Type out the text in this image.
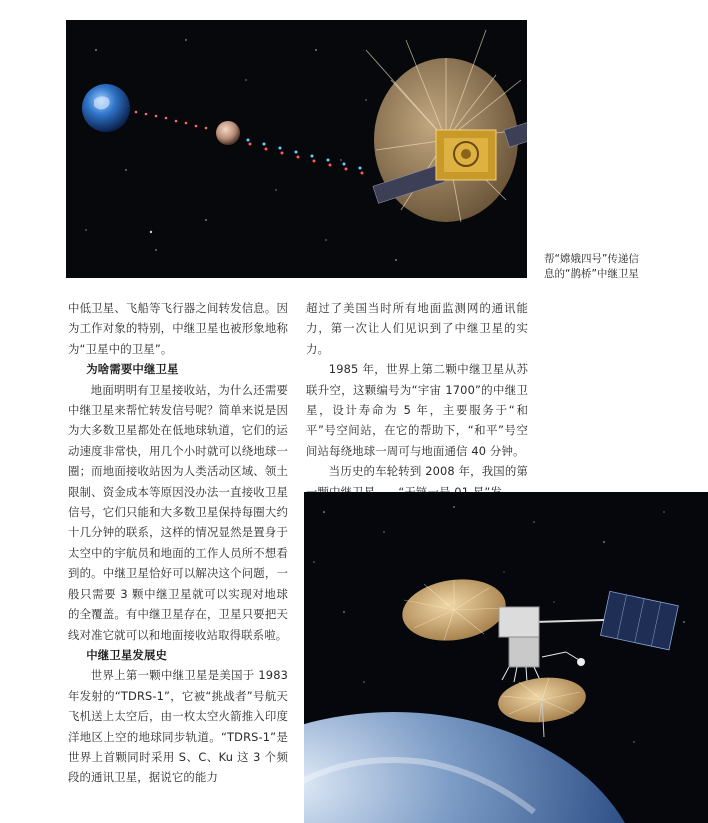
帮“嫦娥四号”传递信
息的“鹊桥”中继卫星

中低卫星、飞船等飞行器之间转发信息。因为工作对象的特别，中继卫星也被形象地称为“卫星中的卫星”。

为啥需要中继卫星

地面明明有卫星接收站，为什么还需要中继卫星来帮忙转发信号呢？简单来说是因为大多数卫星都处在低地球轨道，它们的运动速度非常快，用几个小时就可以绕地球一圈；而地面接收站因为人类活动区域、领土限制、资金成本等原因没办法一直接收卫星信号，它们只能和大多数卫星保持每圈大约十几分钟的联系，这样的情况显然是置身于太空中的宇航员和地面的工作人员所不想看到的。中继卫星恰好可以解决这个问题，一般只需要 3 颗中继卫星就可以实现对地球的全覆盖。有中继卫星存在，卫星只要把天线对准它就可以和地面接收站取得联系啦。

中继卫星发展史

世界上第一颗中继卫星是美国于 1983 年发射的“TDRS-1”，它被“挑战者”号航天飞机送上太空后，由一枚太空火箭推入印度洋地区上空的地球同步轨道。“TDRS-1”是世界上首颗同时采用 S、C、Ku 这 3 个频段的通讯卫星，据说它的能力

超过了美国当时所有地面监测网的通讯能力，第一次让人们见识到了中继卫星的实力。

1985 年，世界上第二颗中继卫星从苏联升空，这颗编号为“宇宙 1700”的中继卫星，设计寿命为 5 年，主要服务于“和平”号空间站，在它的帮助下，“和平”号空间站每绕地球一周可与地面通信 40 分钟。

当历史的车轮转到 2008 年，我国的第
